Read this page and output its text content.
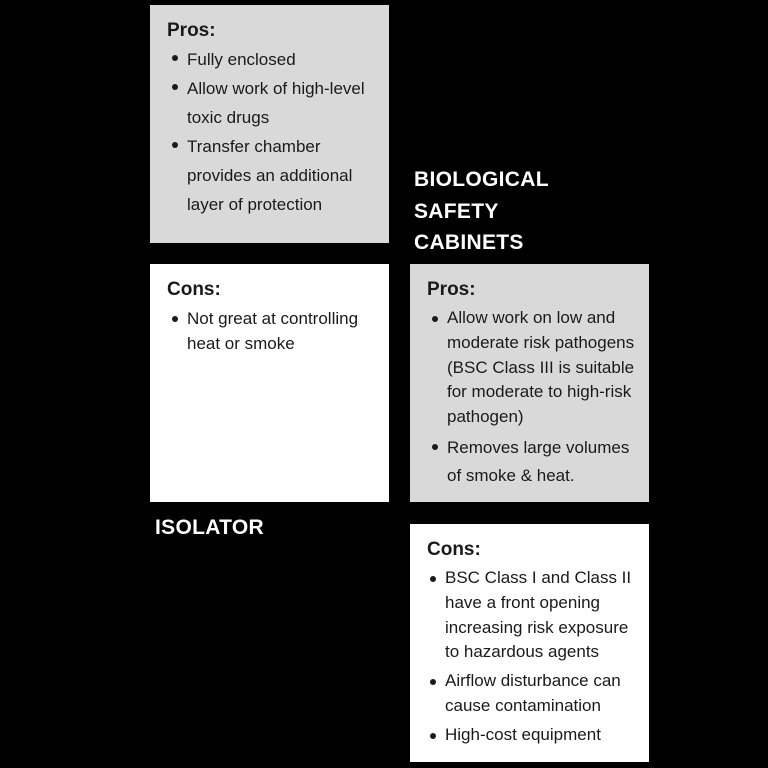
Pros:
Fully enclosed
Allow work of high-level toxic drugs
Transfer chamber provides an additional layer of protection
BIOLOGICAL
SAFETY
CABINETS
Cons:
Not great at controlling heat or smoke
Pros:
Allow work on low and moderate risk pathogens (BSC Class III is suitable for moderate to high-risk pathogen)
Removes large volumes of smoke & heat.
ISOLATOR
Cons:
BSC Class I and Class II have a front opening increasing risk exposure to hazardous agents
Airflow disturbance can cause contamination
High-cost equipment
